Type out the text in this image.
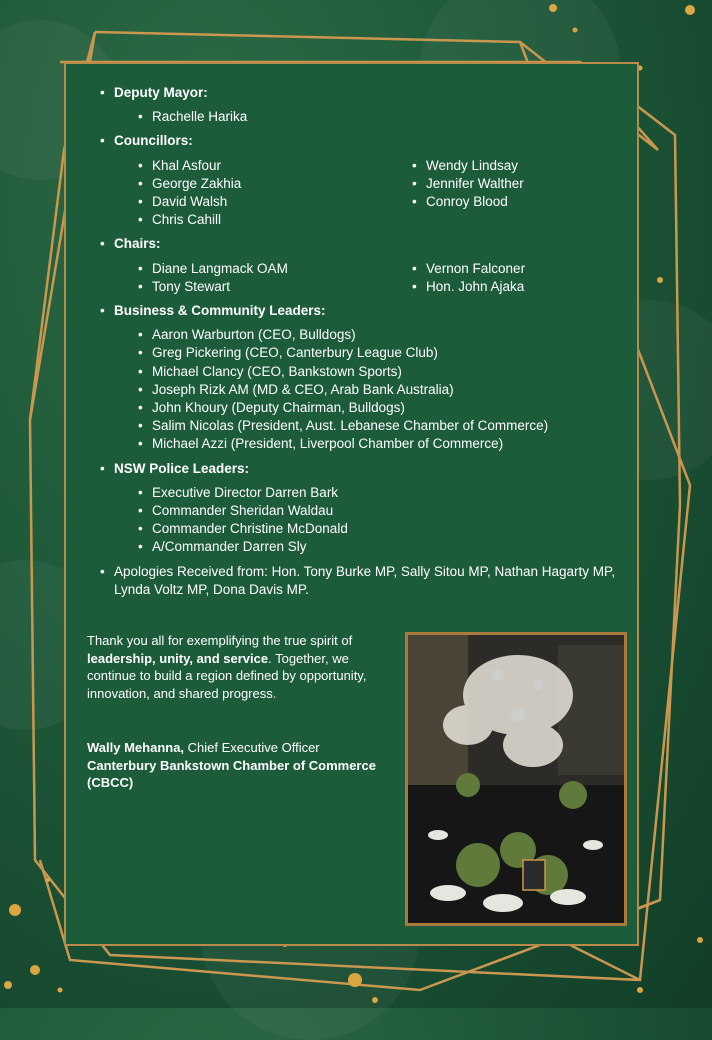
• Deputy Mayor:
• Rachelle Harika
• Councillors:
• Khal Asfour
• George Zakhia
• David Walsh
• Chris Cahill
• Wendy Lindsay
• Jennifer Walther
• Conroy Blood
• Chairs:
• Diane Langmack OAM
• Tony Stewart
• Vernon Falconer
• Hon. John Ajaka
• Business & Community Leaders:
• Aaron Warburton (CEO, Bulldogs)
• Greg Pickering (CEO, Canterbury League Club)
• Michael Clancy (CEO, Bankstown Sports)
• Joseph Rizk AM (MD & CEO, Arab Bank Australia)
• John Khoury (Deputy Chairman, Bulldogs)
• Salim Nicolas (President, Aust. Lebanese Chamber of Commerce)
• Michael Azzi (President, Liverpool Chamber of Commerce)
• NSW Police Leaders:
• Executive Director Darren Bark
• Commander Sheridan Waldau
• Commander Christine McDonald
• A/Commander Darren Sly
• Apologies Received from: Hon. Tony Burke MP, Sally Sitou MP, Nathan Hagarty MP, Lynda Voltz MP, Dona Davis MP.
Thank you all for exemplifying the true spirit of leadership, unity, and service. Together, we continue to build a region defined by opportunity, innovation, and shared progress.
Wally Mehanna, Chief Executive Officer
Canterbury Bankstown Chamber of Commerce (CBCC)
